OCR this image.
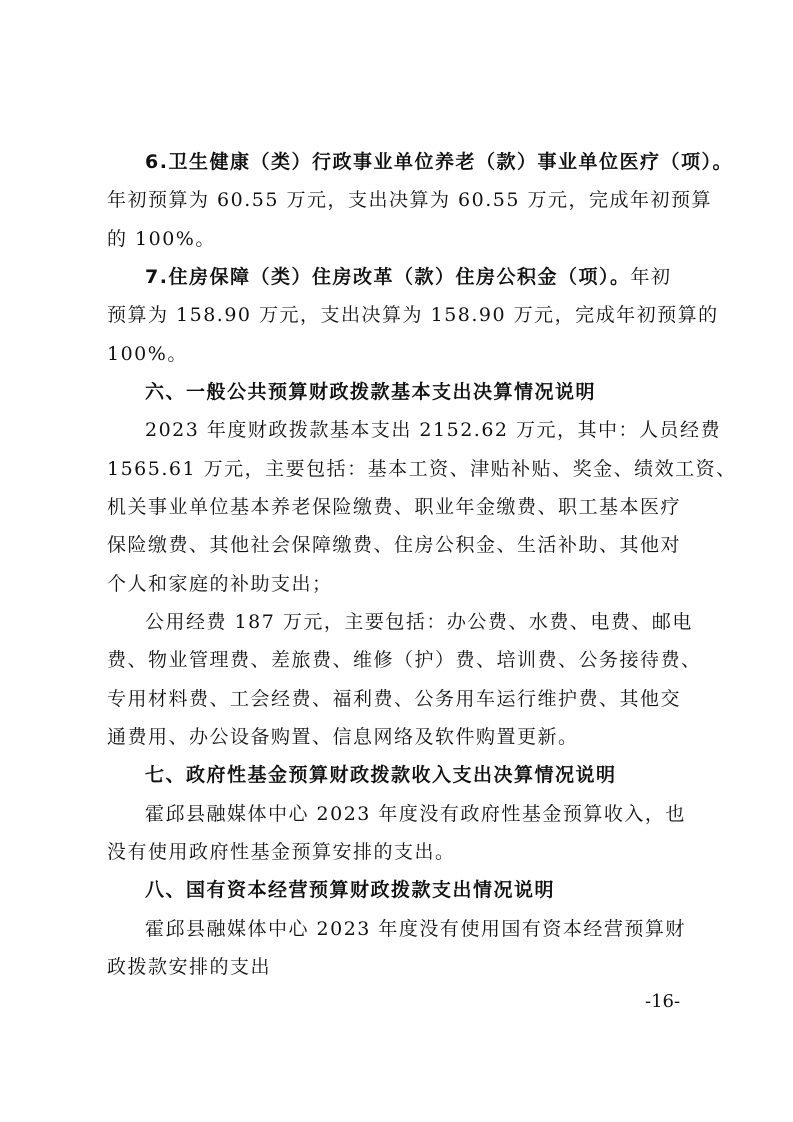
6.卫生健康（类）行政事业单位养老（款）事业单位医疗（项）。

年初预算为 60.55 万元，支出决算为 60.55 万元，完成年初预算

的 100%。

7.住房保障（类）住房改革（款）住房公积金（项）。年初

预算为 158.90 万元，支出决算为 158.90 万元，完成年初预算的

100%。

六、一般公共预算财政拨款基本支出决算情况说明

2023 年度财政拨款基本支出 2152.62 万元，其中：人员经费

1565.61 万元，主要包括：基本工资、津贴补贴、奖金、绩效工资、

机关事业单位基本养老保险缴费、职业年金缴费、职工基本医疗

保险缴费、其他社会保障缴费、住房公积金、生活补助、其他对

个人和家庭的补助支出；

公用经费 187 万元，主要包括：办公费、水费、电费、邮电

费、物业管理费、差旅费、维修（护）费、培训费、公务接待费、

专用材料费、工会经费、福利费、公务用车运行维护费、其他交

通费用、办公设备购置、信息网络及软件购置更新。

七、政府性基金预算财政拨款收入支出决算情况说明

霍邱县融媒体中心 2023 年度没有政府性基金预算收入，也

没有使用政府性基金预算安排的支出。

八、国有资本经营预算财政拨款支出情况说明

霍邱县融媒体中心 2023 年度没有使用国有资本经营预算财

政拨款安排的支出

-16-
